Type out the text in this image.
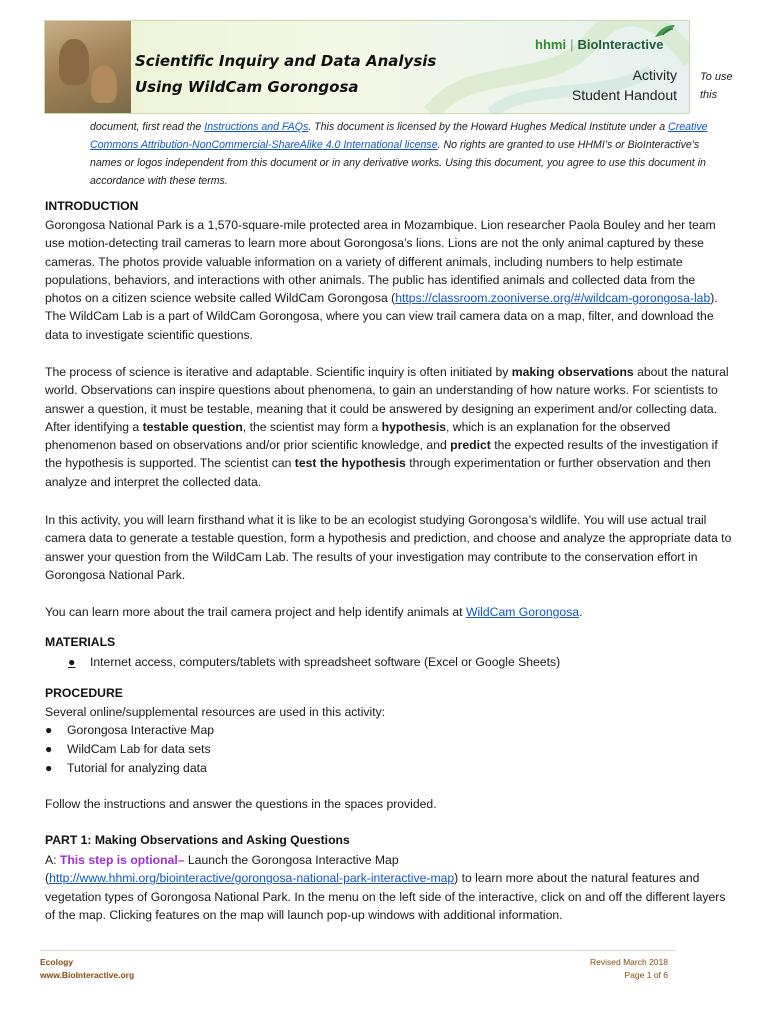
Scientific Inquiry and Data Analysis
Using WildCam Gorongosa
hhmi | BioInteractive
Activity
Student Handout
To use this
document, first read the Instructions and FAQs. This document is licensed by the Howard Hughes Medical Institute under a Creative Commons Attribution-NonCommercial-ShareAlike 4.0 International license. No rights are granted to use HHMI’s or BioInteractive’s names or logos independent from this document or in any derivative works. Using this document, you agree to use this document in accordance with these terms.
INTRODUCTION
Gorongosa National Park is a 1,570-square-mile protected area in Mozambique. Lion researcher Paola Bouley and her team use motion-detecting trail cameras to learn more about Gorongosa’s lions. Lions are not the only animal captured by these cameras. The photos provide valuable information on a variety of different animals, including numbers to help estimate populations, behaviors, and interactions with other animals. The public has identified animals and collected data from the photos on a citizen science website called WildCam Gorongosa (https://classroom.zooniverse.org/#/wildcam-gorongosa-lab). The WildCam Lab is a part of WildCam Gorongosa, where you can view trail camera data on a map, filter, and download the data to investigate scientific questions.
The process of science is iterative and adaptable. Scientific inquiry is often initiated by making observations about the natural world. Observations can inspire questions about phenomena, to gain an understanding of how nature works. For scientists to answer a question, it must be testable, meaning that it could be answered by designing an experiment and/or collecting data. After identifying a testable question, the scientist may form a hypothesis, which is an explanation for the observed phenomenon based on observations and/or prior scientific knowledge, and predict the expected results of the investigation if the hypothesis is supported. The scientist can test the hypothesis through experimentation or further observation and then analyze and interpret the collected data.
In this activity, you will learn firsthand what it is like to be an ecologist studying Gorongosa’s wildlife. You will use actual trail camera data to generate a testable question, form a hypothesis and prediction, and choose and analyze the appropriate data to answer your question from the WildCam Lab. The results of your investigation may contribute to the conservation effort in Gorongosa National Park.
You can learn more about the trail camera project and help identify animals at WildCam Gorongosa.
MATERIALS
● Internet access, computers/tablets with spreadsheet software (Excel or Google Sheets)
PROCEDURE
Several online/supplemental resources are used in this activity:
● Gorongosa Interactive Map
● WildCam Lab for data sets
● Tutorial for analyzing data
Follow the instructions and answer the questions in the spaces provided.
PART 1: Making Observations and Asking Questions
A: This step is optional– Launch the Gorongosa Interactive Map
(http://www.hhmi.org/biointeractive/gorongosa-national-park-interactive-map) to learn more about the natural features and vegetation types of Gorongosa National Park. In the menu on the left side of the interactive, click on and off the different layers of the map. Clicking features on the map will launch pop-up windows with additional information.
Ecology
www.BioInteractive.org
Revised March 2018
Page 1 of 6
